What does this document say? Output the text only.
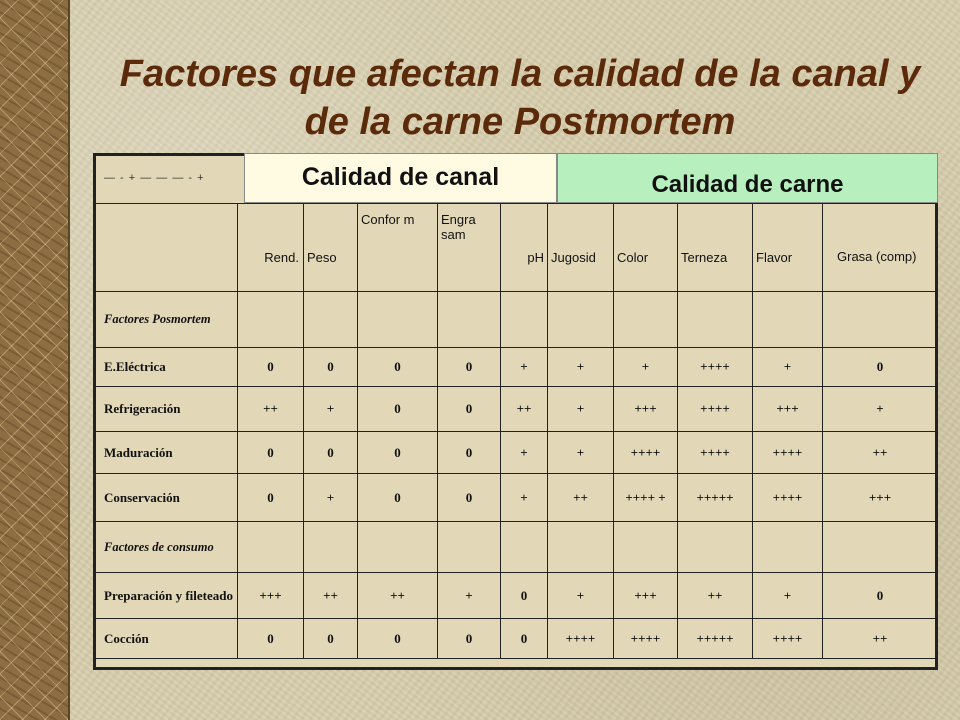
Factores que afectan la calidad de la canal y
de la carne Postmortem
— - + — — — - +	Calidad de canal	Calidad de carne
	Rend.	Peso	Confor m	Engra sam	pH	Jugosid	Color	Terneza	Flavor	Grasa (comp)
Factores Posmortem										
E.Eléctrica	0	0	0	0	+	+	+	++++	+	0
Refrigeración	++	+	0	0	++	+	+++	++++	+++	+
Maduración	0	0	0	0	+	+	++++	++++	++++	++
Conservación	0	+	0	0	+	++	++++ +	+++++	++++	+++
Factores de consumo										
Preparación y fileteado	+++	++	++	+	0	+	+++	++	+	0
Cocción	0	0	0	0	0	++++	++++	+++++	++++	++
